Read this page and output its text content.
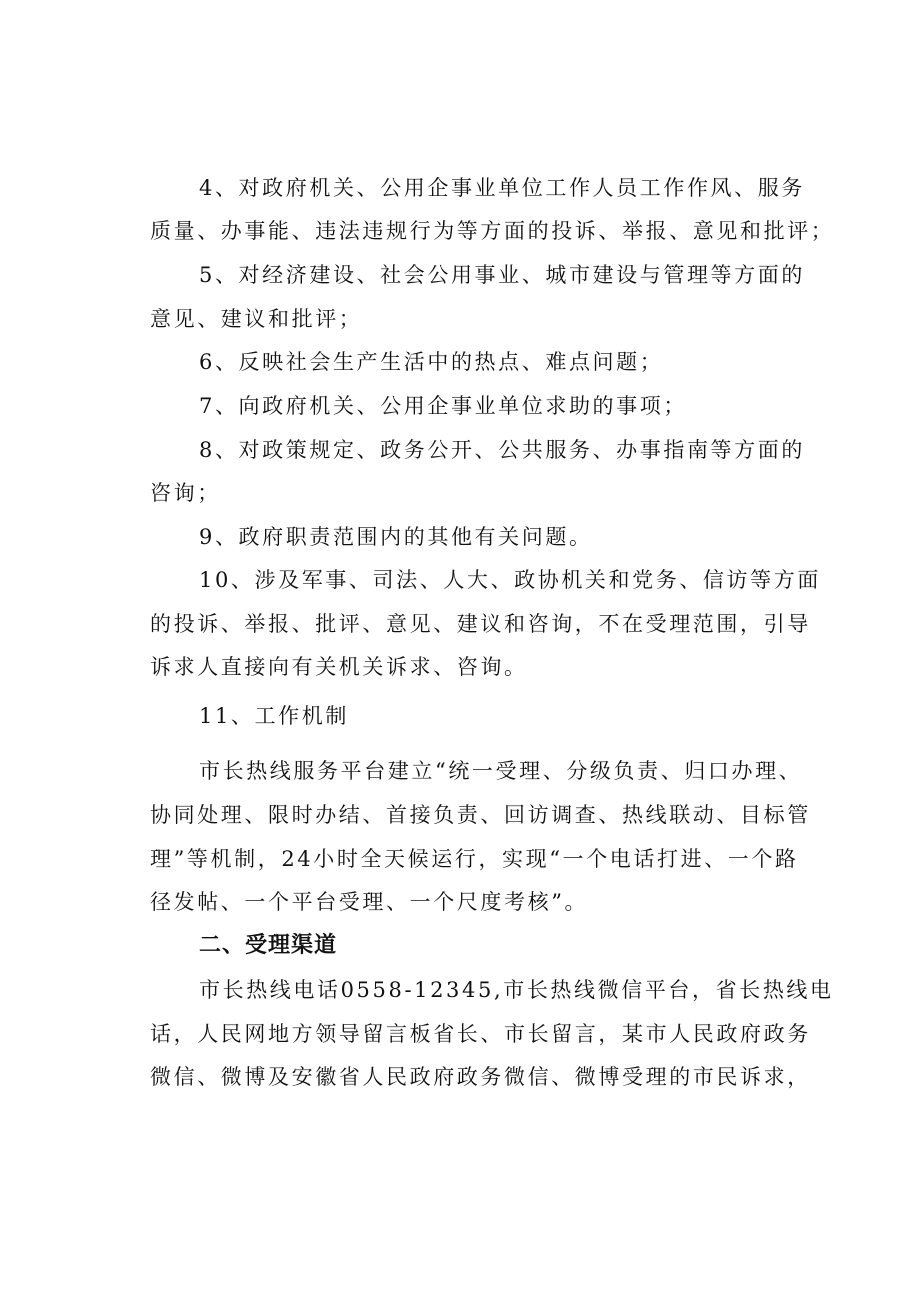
4、对政府机关、公用企事业单位工作人员工作作风、服务
质量、办事能、违法违规行为等方面的投诉、举报、意见和批评；
5、对经济建设、社会公用事业、城市建设与管理等方面的
意见、建议和批评；
6、反映社会生产生活中的热点、难点问题；
7、向政府机关、公用企事业单位求助的事项；
8、对政策规定、政务公开、公共服务、办事指南等方面的
咨询；
9、政府职责范围内的其他有关问题。
10、涉及军事、司法、人大、政协机关和党务、信访等方面
的投诉、举报、批评、意见、建议和咨询，不在受理范围，引导
诉求人直接向有关机关诉求、咨询。
11、工作机制
市长热线服务平台建立“统一受理、分级负责、归口办理、
协同处理、限时办结、首接负责、回访调查、热线联动、目标管
理”等机制，24小时全天候运行，实现“一个电话打进、一个路
径发帖、一个平台受理、一个尺度考核”。
二、受理渠道
市长热线电话0558-12345,市长热线微信平台，省长热线电
话，人民网地方领导留言板省长、市长留言，某市人民政府政务
微信、微博及安徽省人民政府政务微信、微博受理的市民诉求，
